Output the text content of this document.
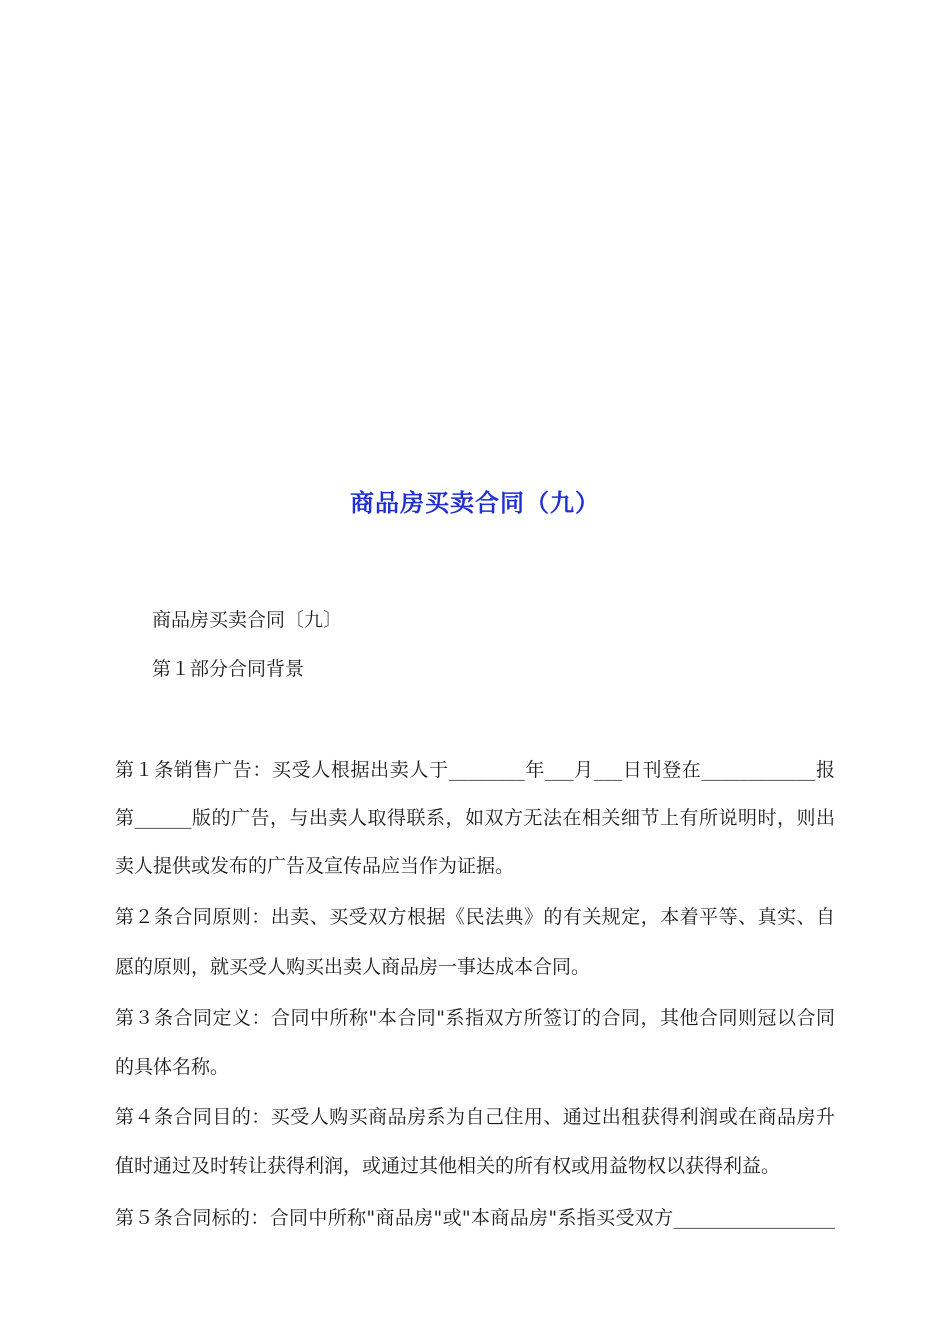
商品房买卖合同（九）
商品房买卖合同〔九〕
第１部分合同背景
第１条销售广告：买受人根据出卖人于________年___月___日刊登在____________报
第______版的广告，与出卖人取得联系，如双方无法在相关细节上有所说明时，则出
卖人提供或发布的广告及宣传品应当作为证据。
第２条合同原则：出卖、买受双方根据《民法典》的有关规定，本着平等、真实、自
愿的原则，就买受人购买出卖人商品房一事达成本合同。
第３条合同定义：合同中所称"本合同"系指双方所签订的合同，其他合同则冠以合同
的具体名称。
第４条合同目的：买受人购买商品房系为自己住用、通过出租获得利润或在商品房升
值时通过及时转让获得利润，或通过其他相关的所有权或用益物权以获得利益。
第５条合同标的：合同中所称"商品房"或"本商品房"系指买受双方_________________
